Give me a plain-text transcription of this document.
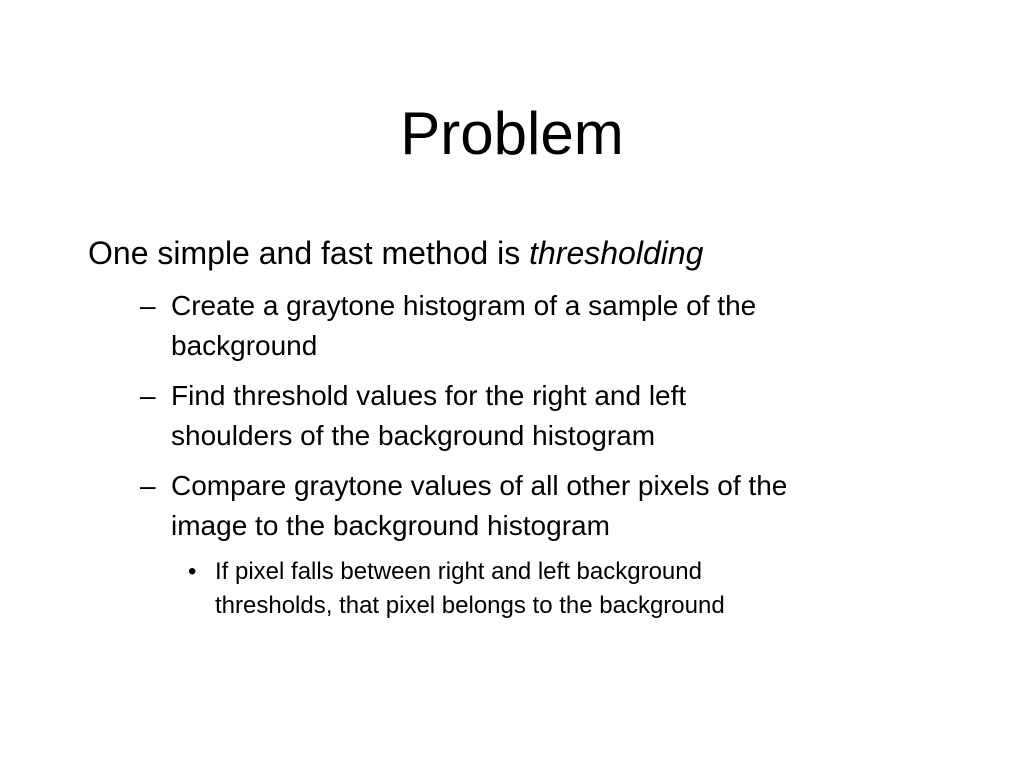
Problem
One simple and fast method is thresholding
– Create a graytone histogram of a sample of the
background
– Find threshold values for the right and left
shoulders of the background histogram
– Compare graytone values of all other pixels of the
image to the background histogram
• If pixel falls between right and left background
thresholds, that pixel belongs to the background
